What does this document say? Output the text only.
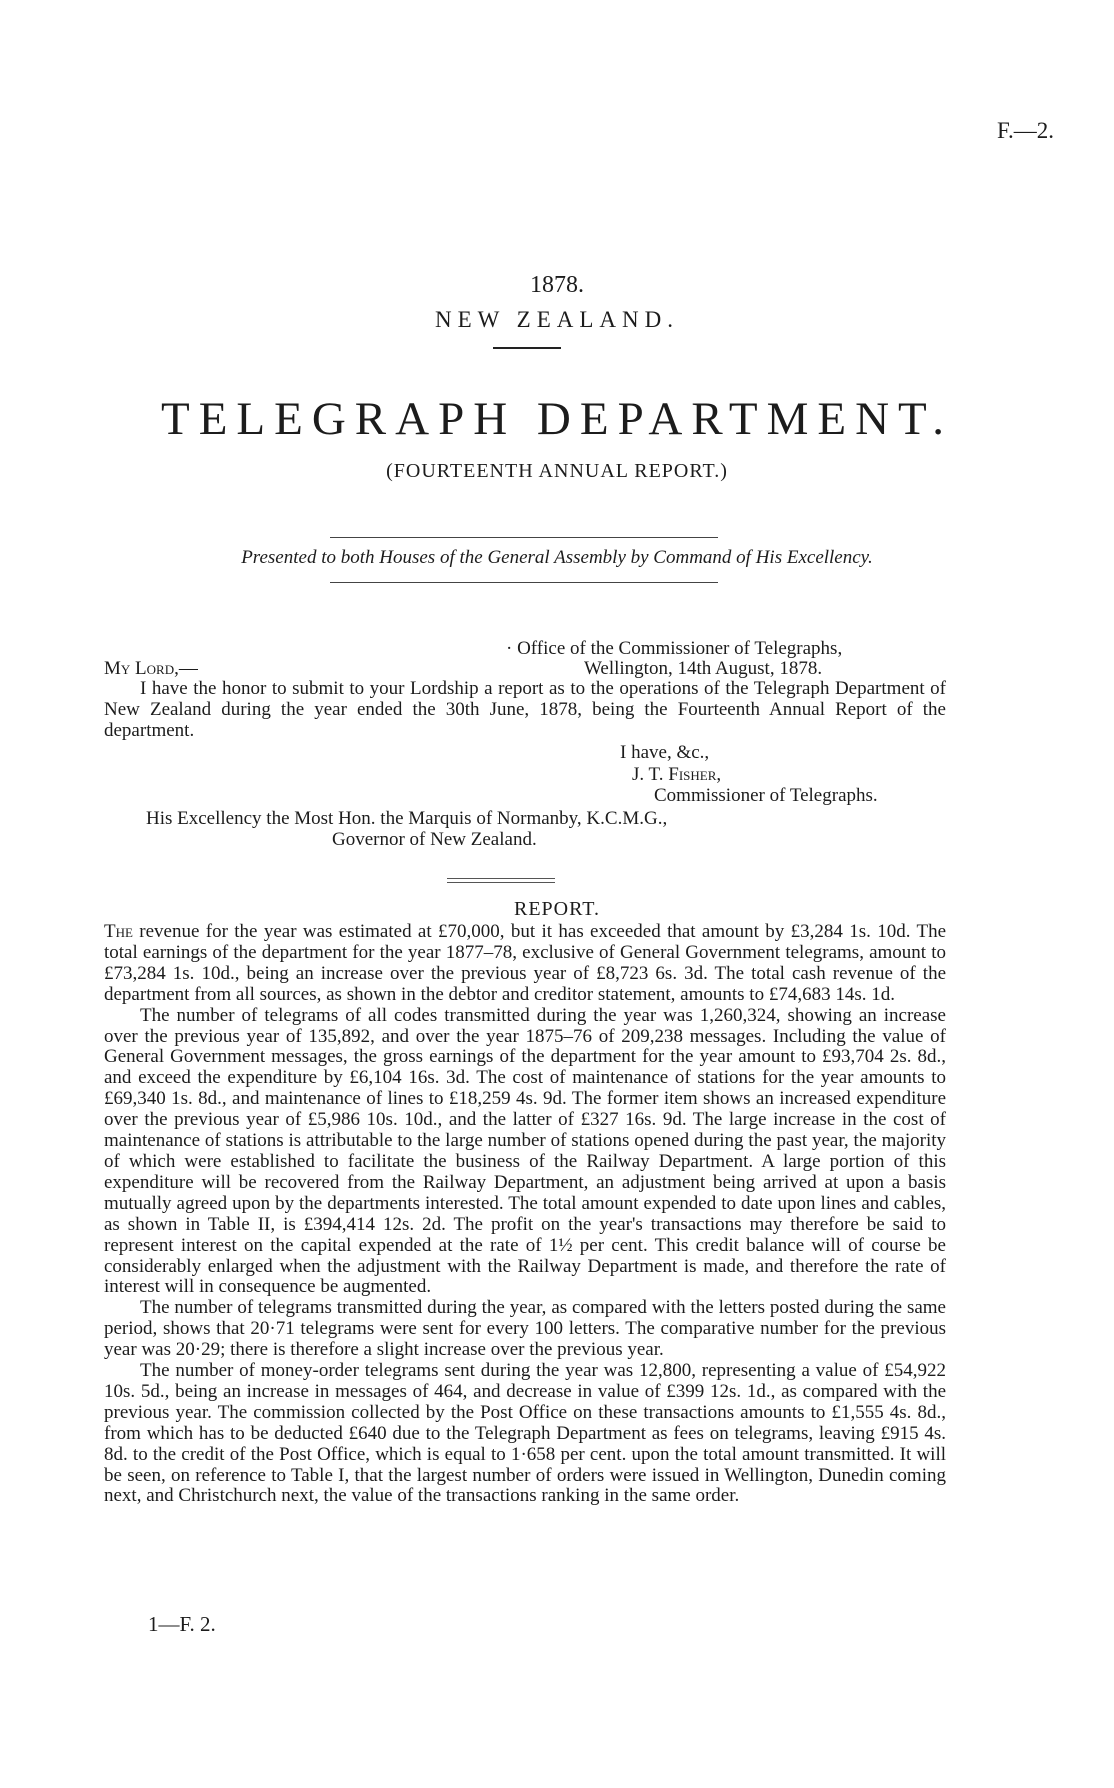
F.—2.
1878.
NEW ZEALAND.
TELEGRAPH DEPARTMENT.
(FOURTEENTH ANNUAL REPORT.)
Presented to both Houses of the General Assembly by Command of His Excellency.
· Office of the Commissioner of Telegraphs,
My Lord,—	Wellington, 14th August, 1878.

I have the honor to submit to your Lordship a report as to the operations of the Telegraph Department of New Zealand during the year ended the 30th June, 1878, being the Fourteenth Annual Report of the department.

I have, &c.,
J. T. Fisher,
Commissioner of Telegraphs.
His Excellency the Most Hon. the Marquis of Normanby, K.C.M.G.,
Governor of New Zealand.
REPORT.

The revenue for the year was estimated at £70,000, but it has exceeded that amount by £3,284 1s. 10d. The total earnings of the department for the year 1877–78, exclusive of General Government telegrams, amount to £73,284 1s. 10d., being an increase over the previous year of £8,723 6s. 3d. The total cash revenue of the department from all sources, as shown in the debtor and creditor statement, amounts to £74,683 14s. 1d.

The number of telegrams of all codes transmitted during the year was 1,260,324, showing an increase over the previous year of 135,892, and over the year 1875–76 of 209,238 messages. Including the value of General Government messages, the gross earnings of the department for the year amount to £93,704 2s. 8d., and exceed the expenditure by £6,104 16s. 3d. The cost of maintenance of stations for the year amounts to £69,340 1s. 8d., and maintenance of lines to £18,259 4s. 9d. The former item shows an increased expenditure over the previous year of £5,986 10s. 10d., and the latter of £327 16s. 9d. The large increase in the cost of maintenance of stations is attributable to the large number of stations opened during the past year, the majority of which were established to facilitate the business of the Railway Department. A large portion of this expenditure will be recovered from the Railway Department, an adjustment being arrived at upon a basis mutually agreed upon by the departments interested. The total amount expended to date upon lines and cables, as shown in Table II, is £394,414 12s. 2d. The profit on the year's transactions may therefore be said to represent interest on the capital expended at the rate of 1½ per cent. This credit balance will of course be considerably enlarged when the adjustment with the Railway Department is made, and therefore the rate of interest will in consequence be augmented.

The number of telegrams transmitted during the year, as compared with the letters posted during the same period, shows that 20·71 telegrams were sent for every 100 letters. The comparative number for the previous year was 20·29; there is therefore a slight increase over the previous year.

The number of money-order telegrams sent during the year was 12,800, representing a value of £54,922 10s. 5d., being an increase in messages of 464, and decrease in value of £399 12s. 1d., as compared with the previous year. The commission collected by the Post Office on these transactions amounts to £1,555 4s. 8d., from which has to be deducted £640 due to the Telegraph Department as fees on telegrams, leaving £915 4s. 8d. to the credit of the Post Office, which is equal to 1·658 per cent. upon the total amount transmitted. It will be seen, on reference to Table I, that the largest number of orders were issued in Wellington, Dunedin coming next, and Christchurch next, the value of the transactions ranking in the same order.

1—F. 2.
